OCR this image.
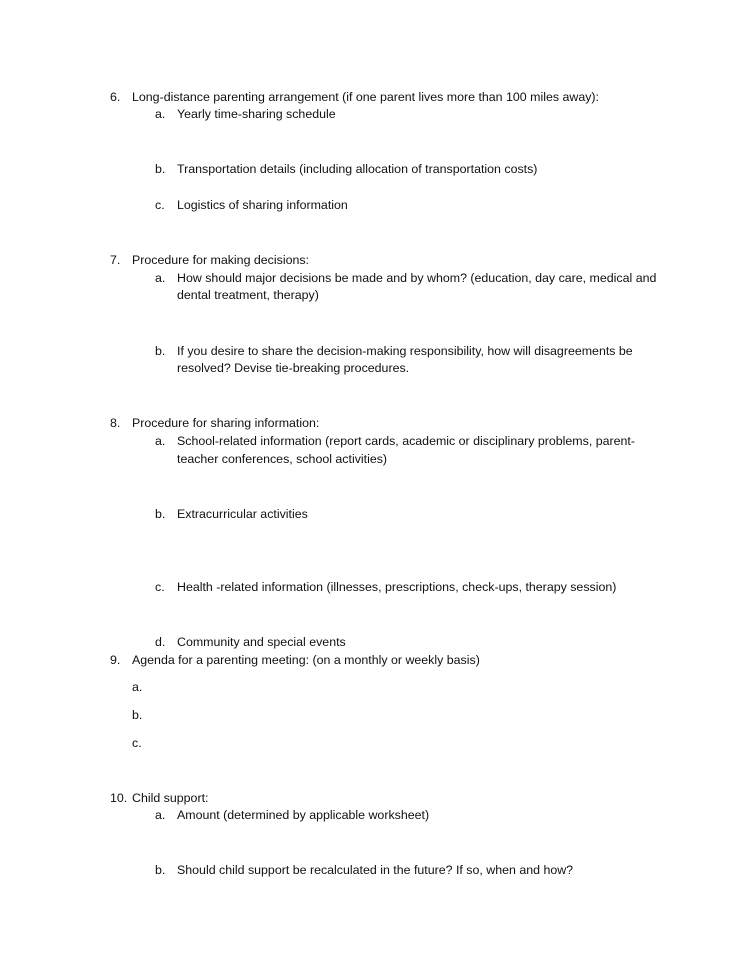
6. Long-distance parenting arrangement (if one parent lives more than 100 miles away):
a. Yearly time-sharing schedule
b. Transportation details (including allocation of transportation costs)
c. Logistics of sharing information
7. Procedure for making decisions:
a. How should major decisions be made and by whom? (education, day care, medical and
dental treatment, therapy)
b. If you desire to share the decision-making responsibility, how will disagreements be
resolved? Devise tie-breaking procedures.
8. Procedure for sharing information:
a. School-related information (report cards, academic or disciplinary problems, parent-
teacher conferences, school activities)
b. Extracurricular activities
c. Health -related information (illnesses, prescriptions, check-ups, therapy session)
d. Community and special events
9. Agenda for a parenting meeting: (on a monthly or weekly basis)
a.
b.
c.
10. Child support:
a. Amount (determined by applicable worksheet)
b. Should child support be recalculated in the future? If so, when and how?
